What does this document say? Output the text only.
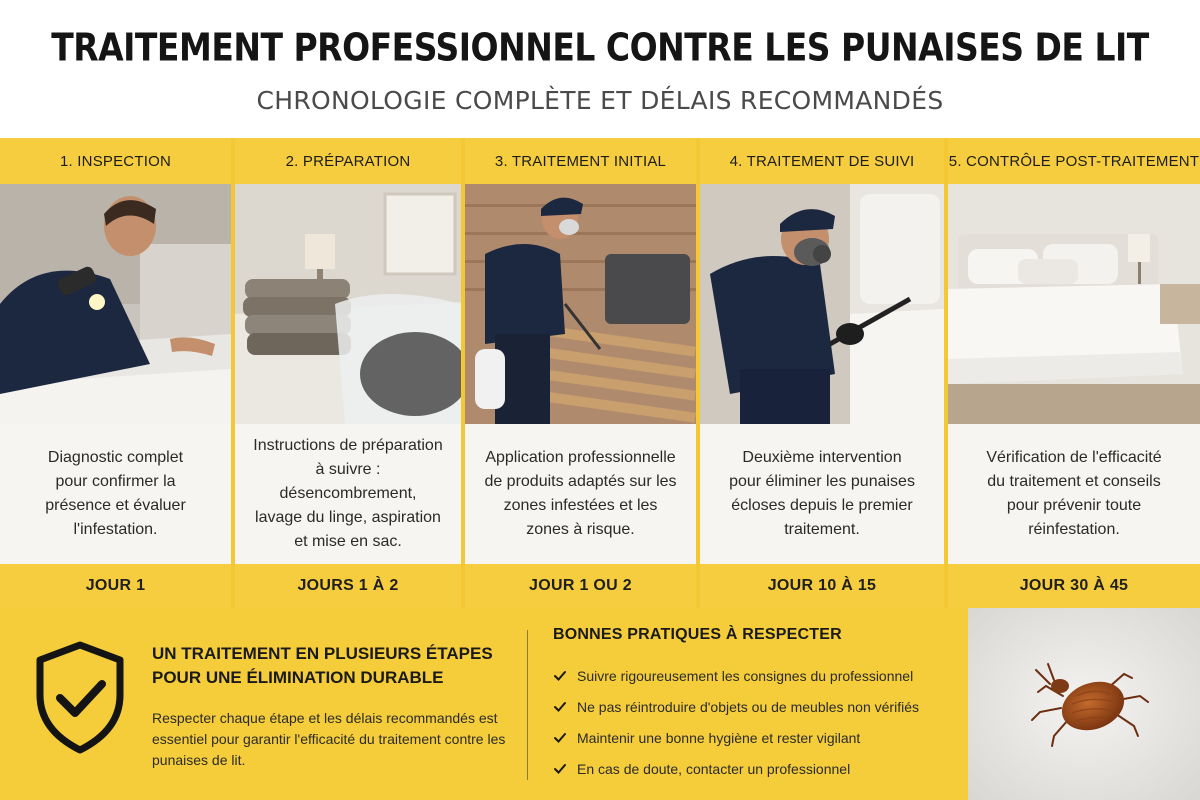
TRAITEMENT PROFESSIONNEL CONTRE LES PUNAISES DE LIT
CHRONOLOGIE COMPLÈTE ET DÉLAIS RECOMMANDÉS
1. INSPECTION
Diagnostic complet
pour confirmer la
présence et évaluer
l'infestation.
JOUR 1
2. PRÉPARATION
Instructions de préparation
à suivre : désencombrement,
lavage du linge, aspiration
et mise en sac.
JOURS 1 À 2
3. TRAITEMENT INITIAL
Application professionnelle
de produits adaptés sur les
zones infestées et les
zones à risque.
JOUR 1 OU 2
4. TRAITEMENT DE SUIVI
Deuxième intervention
pour éliminer les punaises
écloses depuis le premier
traitement.
JOUR 10 À 15
5. CONTRÔLE POST-TRAITEMENT
Vérification de l'efficacité
du traitement et conseils
pour prévenir toute
réinfestation.
JOUR 30 À 45
UN TRAITEMENT EN PLUSIEURS ÉTAPES POUR UNE ÉLIMINATION DURABLE
Respecter chaque étape et les délais recommandés est essentiel pour garantir l'efficacité du traitement contre les punaises de lit.
BONNES PRATIQUES À RESPECTER
Suivre rigoureusement les consignes du professionnel
Ne pas réintroduire d'objets ou de meubles non vérifiés
Maintenir une bonne hygiène et rester vigilant
En cas de doute, contacter un professionnel
